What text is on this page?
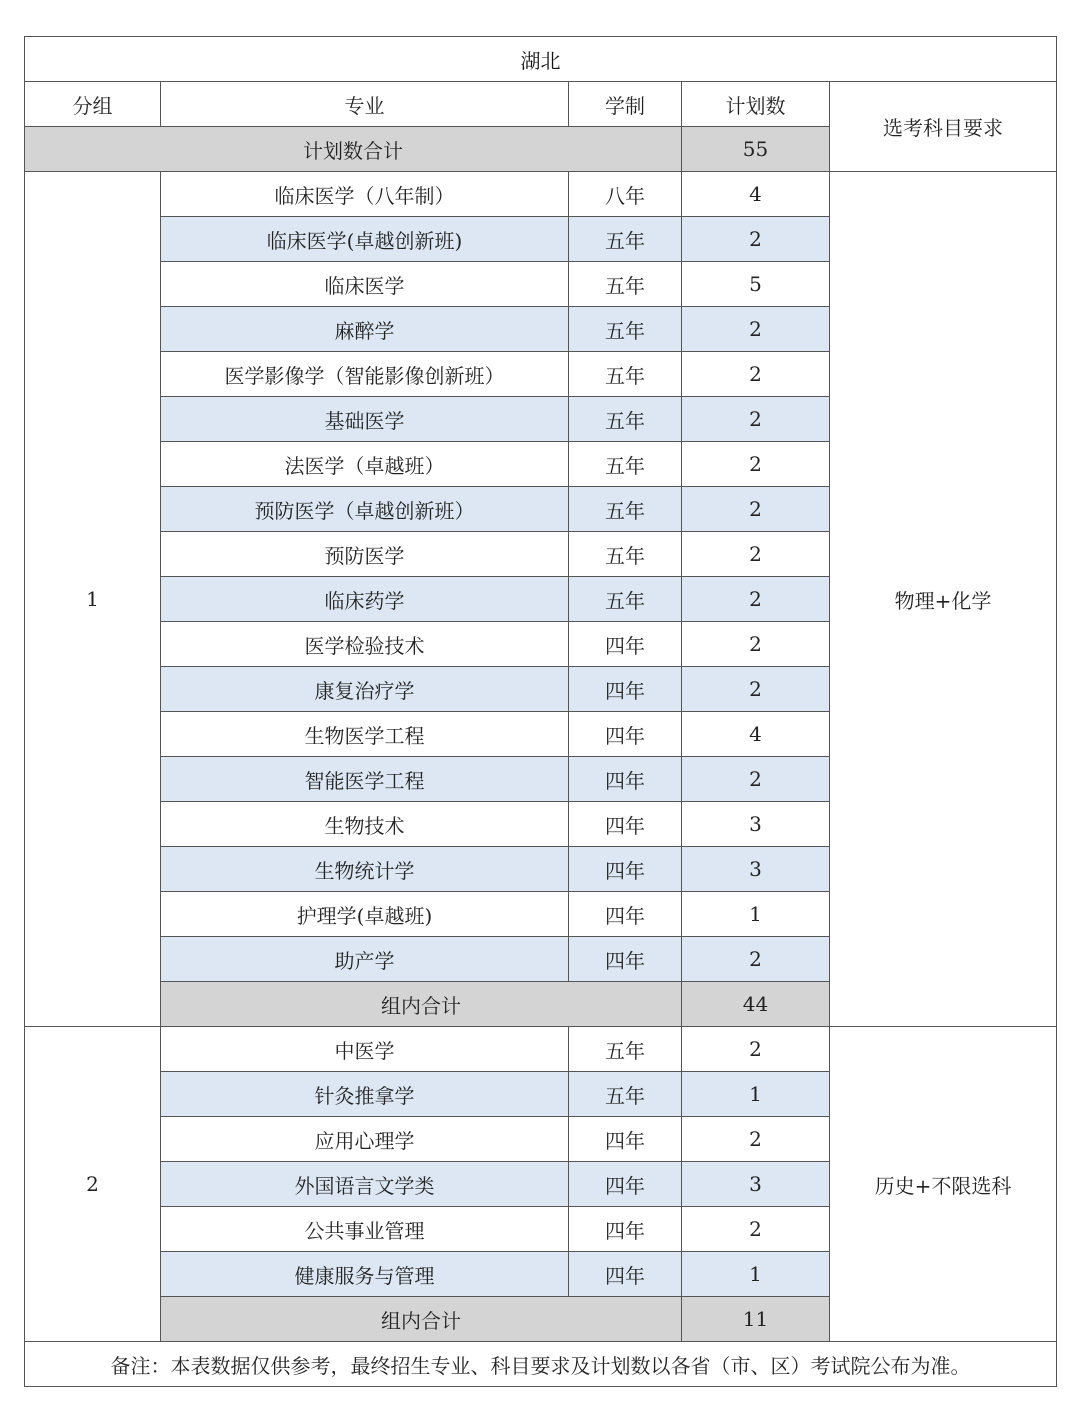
湖北				
分组	专业	学制	计划数	选考科目要求
计划数合计			55	
1	临床医学（八年制）	八年	4	物理+化学
	临床医学(卓越创新班)	五年	2	
	临床医学	五年	5	
	麻醉学	五年	2	
	医学影像学（智能影像创新班）	五年	2	
	基础医学	五年	2	
	法医学（卓越班）	五年	2	
	预防医学（卓越创新班）	五年	2	
	预防医学	五年	2	
	临床药学	五年	2	
	医学检验技术	四年	2	
	康复治疗学	四年	2	
	生物医学工程	四年	4	
	智能医学工程	四年	2	
	生物技术	四年	3	
	生物统计学	四年	3	
	护理学(卓越班)	四年	1	
	助产学	四年	2	
	组内合计		44	
2	中医学	五年	2	历史+不限选科
	针灸推拿学	五年	1	
	应用心理学	四年	2	
	外国语言文学类	四年	3	
	公共事业管理	四年	2	
	健康服务与管理	四年	1	
	组内合计		11	
备注：本表数据仅供参考，最终招生专业、科目要求及计划数以各省（市、区）考试院公布为准。				
